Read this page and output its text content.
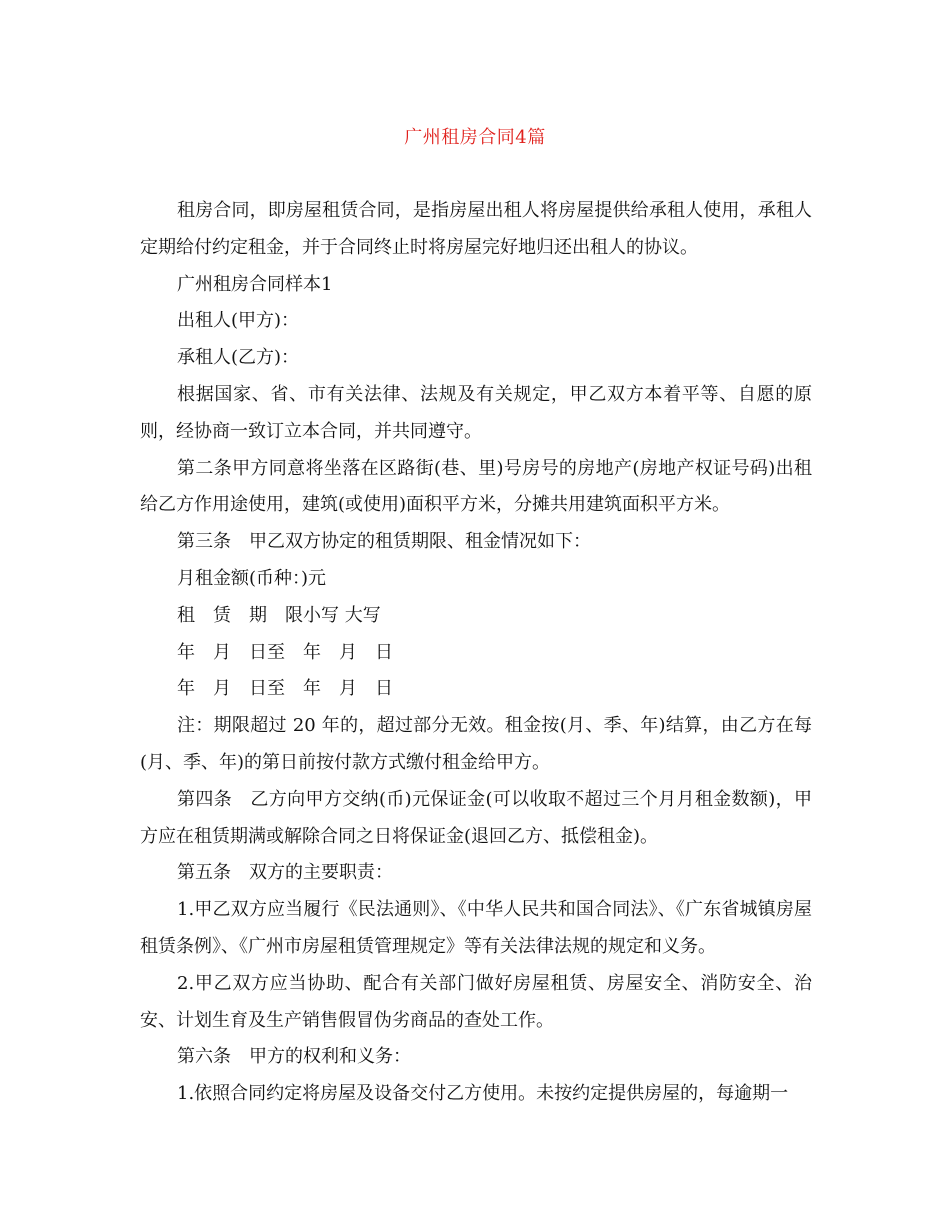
广州租房合同4篇

租房合同，即房屋租赁合同，是指房屋出租人将房屋提供给承租人使用，承租人定期给付约定租金，并于合同终止时将房屋完好地归还出租人的协议。

广州租房合同样本1

出租人(甲方)：

承租人(乙方)：

根据国家、省、市有关法律、法规及有关规定，甲乙双方本着平等、自愿的原则，经协商一致订立本合同，并共同遵守。

第二条甲方同意将坐落在区路街(巷、里)号房号的房地产(房地产权证号码)出租给乙方作用途使用，建筑(或使用)面积平方米，分摊共用建筑面积平方米。

第三条　甲乙双方协定的租赁期限、租金情况如下：

月租金额(币种：)元

租　赁　期　限小写 大写

年　月　日至　年　月　日

年　月　日至　年　月　日

注：期限超过 20 年的，超过部分无效。租金按(月、季、年)结算，由乙方在每(月、季、年)的第日前按付款方式缴付租金给甲方。

第四条　乙方向甲方交纳(币)元保证金(可以收取不超过三个月月租金数额)，甲方应在租赁期满或解除合同之日将保证金(退回乙方、抵偿租金)。

第五条　双方的主要职责：

1.甲乙双方应当履行《民法通则》、《中华人民共和国合同法》、《广东省城镇房屋租赁条例》、《广州市房屋租赁管理规定》等有关法律法规的规定和义务。

2.甲乙双方应当协助、配合有关部门做好房屋租赁、房屋安全、消防安全、治安、计划生育及生产销售假冒伪劣商品的查处工作。

第六条　甲方的权利和义务：

1.依照合同约定将房屋及设备交付乙方使用。未按约定提供房屋的，每逾期一
